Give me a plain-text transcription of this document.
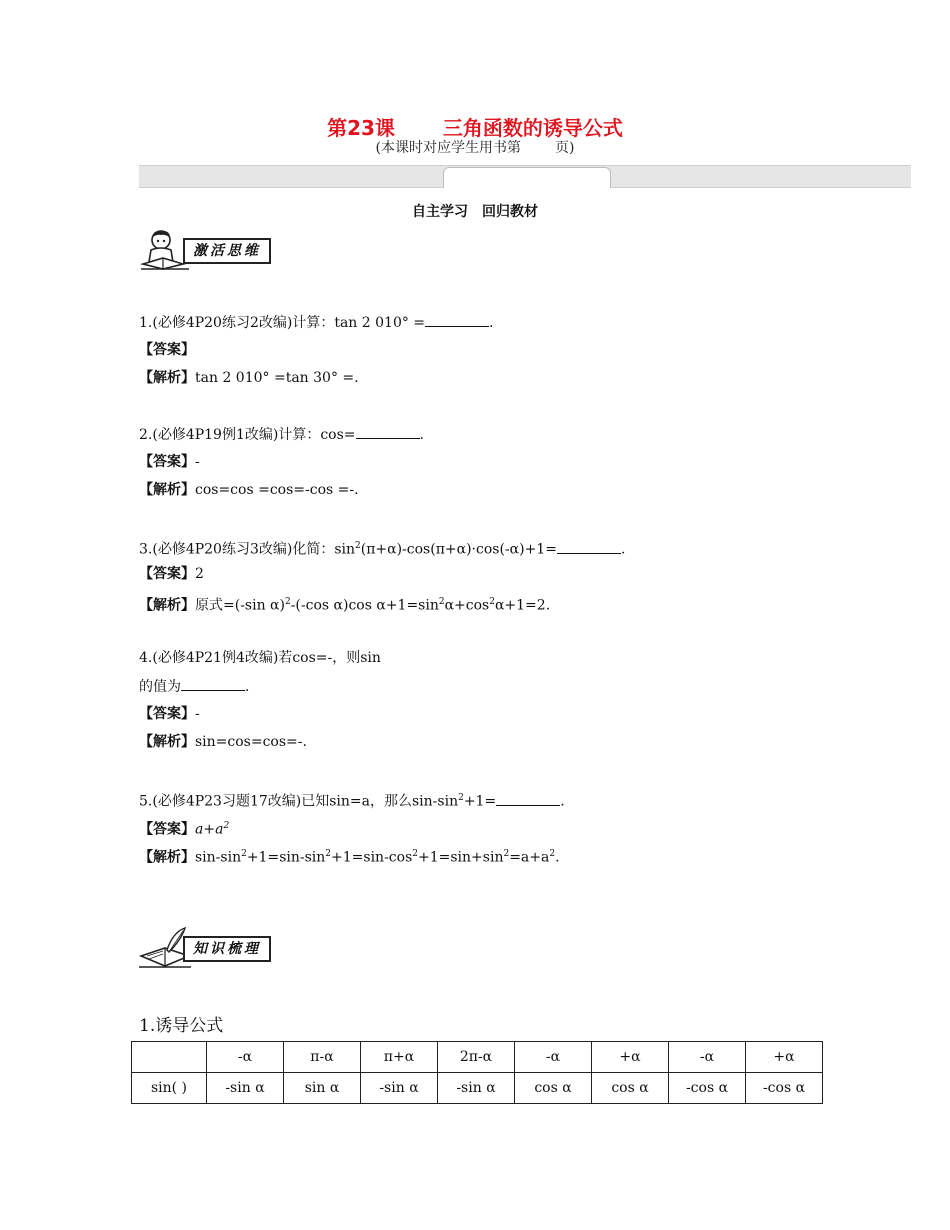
第23课 三角函数的诱导公式
(本课时对应学生用书第 页)
自主学习 回归教材
激活思维
1.(必修4P20练习2改编)计算：tan 2 010° =	.
【答案】
【解析】tan 2 010° =tan 30° =.
2.(必修4P19例1改编)计算：cos=	.
【答案】-
【解析】cos=cos =cos=-cos =-.
3.(必修4P20练习3改编)化简：$\sin^2(\pi+\alpha)-\cos(\pi+\alpha)\cdot\cos(-\alpha)+1=$	.
【答案】2
【解析】原式=(-sin α)$^2$-(-cos α)cos $\alpha+1=\sin^2\alpha+\cos^2\alpha+1=2$.
4.(必修4P21例4改编)若cos=-，则sin
的值为	.
【答案】-
【解析】sin=cos=cos=-.
5.(必修4P23习题17改编)已知sin=a，那么$\sin-\sin^2+1=$	.
【答案】$a+a^2$
【解析】$\sin-\sin^2+1=\sin-\sin^2+1=\sin-\cos^2+1=\sin+\sin^2=a+a^2$.
知识梳理
1.诱导公式
	-α	π-α	π+α	2π-α	-α	+α	-α	+α
sin( )	-sin α	sin α	-sin α	-sin α	cos α	cos α	-cos α	-cos α
